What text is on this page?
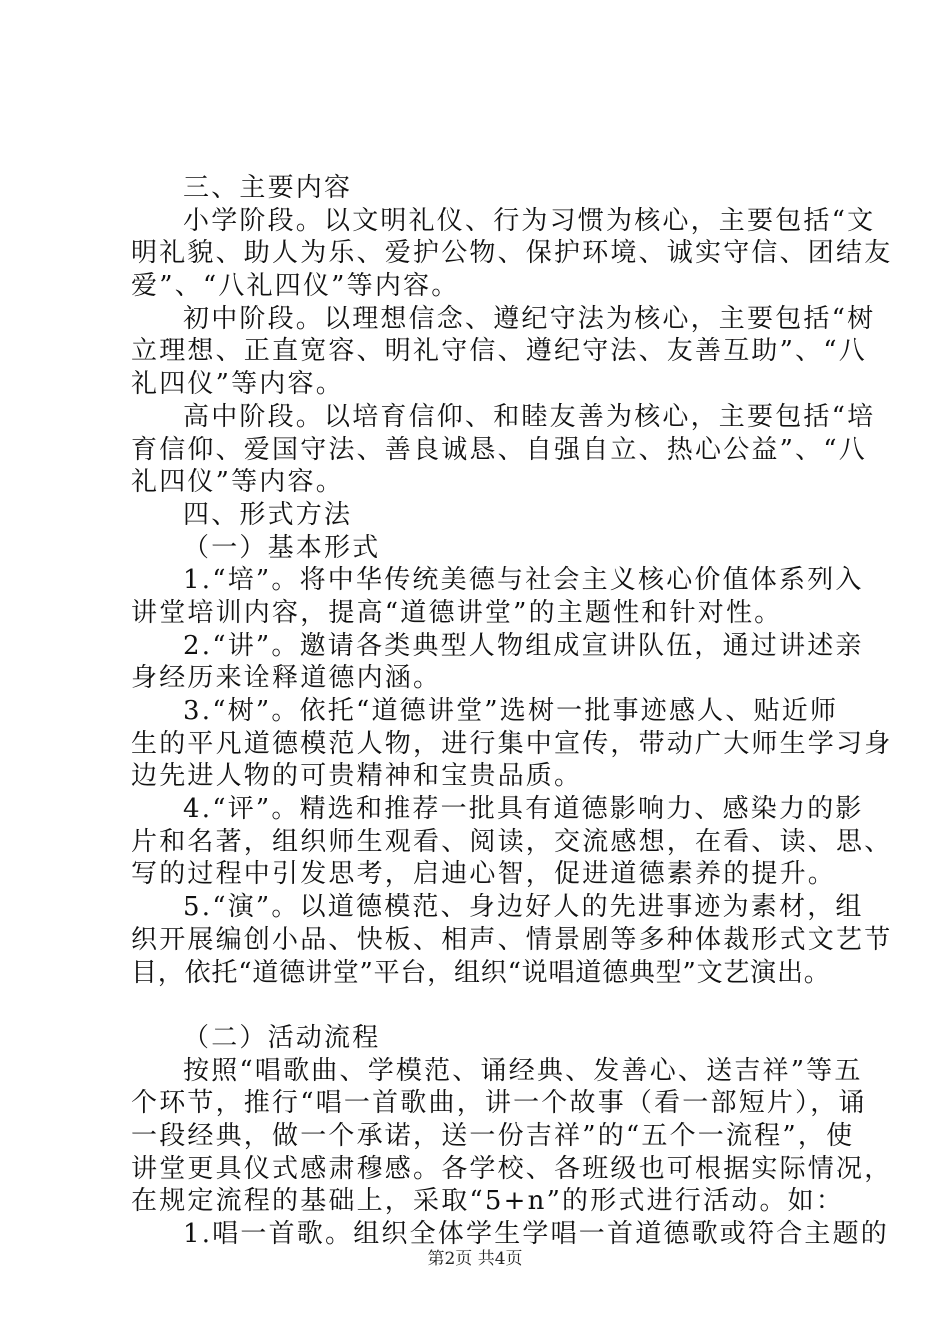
三、主要内容
小学阶段。以文明礼仪、行为习惯为核心，主要包括“文
明礼貌、助人为乐、爱护公物、保护环境、诚实守信、团结友
爱”、“八礼四仪”等内容。
初中阶段。以理想信念、遵纪守法为核心，主要包括“树
立理想、正直宽容、明礼守信、遵纪守法、友善互助”、“八
礼四仪”等内容。
高中阶段。以培育信仰、和睦友善为核心，主要包括“培
育信仰、爱国守法、善良诚恳、自强自立、热心公益”、“八
礼四仪”等内容。
四、形式方法
（一）基本形式
1.“培”。将中华传统美德与社会主义核心价值体系列入
讲堂培训内容，提高“道德讲堂”的主题性和针对性。
2.“讲”。邀请各类典型人物组成宣讲队伍，通过讲述亲
身经历来诠释道德内涵。
3.“树”。依托“道德讲堂”选树一批事迹感人、贴近师
生的平凡道德模范人物，进行集中宣传，带动广大师生学习身
边先进人物的可贵精神和宝贵品质。
4.“评”。精选和推荐一批具有道德影响力、感染力的影
片和名著，组织师生观看、阅读，交流感想，在看、读、思、
写的过程中引发思考，启迪心智，促进道德素养的提升。
5.“演”。以道德模范、身边好人的先进事迹为素材，组
织开展编创小品、快板、相声、情景剧等多种体裁形式文艺节
目，依托“道德讲堂”平台，组织“说唱道德典型”文艺演出。
（二）活动流程
按照“唱歌曲、学模范、诵经典、发善心、送吉祥”等五
个环节，推行“唱一首歌曲，讲一个故事（看一部短片），诵
一段经典，做一个承诺，送一份吉祥”的“五个一流程”，使
讲堂更具仪式感肃穆感。各学校、各班级也可根据实际情况，
在规定流程的基础上，采取“5+n”的形式进行活动。如：
1.唱一首歌。组织全体学生学唱一首道德歌或符合主题的
第2页 共4页
